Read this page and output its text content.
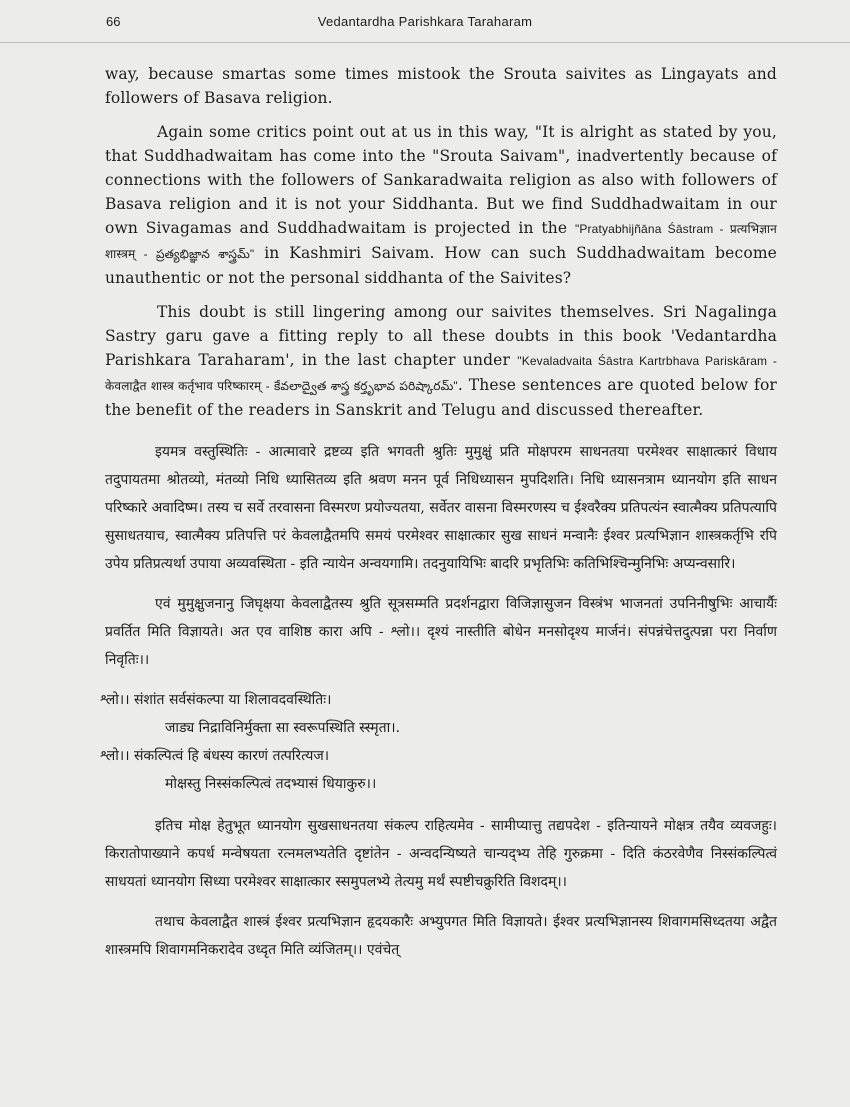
66	Vedantardha Parishkara Taraharam

way, because smartas some times mistook the Srouta saivites as Lingayats and followers of Basava religion.

Again some critics point out at us in this way, "It is alright as stated by you, that Suddhadwaitam has come into the "Srouta Saivam", inadvertently because of connections with the followers of Sankaradwaita religion as also with followers of Basava religion and it is not your Siddhanta. But we find Suddhadwaitam in our own Sivagamas and Suddhadwaitam is projected in the "Pratyabhijñāna Śāstram - प्रत्यभिज्ञान शास्त्रम् - ప్రత్యభిజ్ఞాన శాస్త్రమ్" in Kashmiri Saivam. How can such Suddhadwaitam become unauthentic or not the personal siddhanta of the Saivites?

This doubt is still lingering among our saivites themselves. Sri Nagalinga Sastry garu gave a fitting reply to all these doubts in this book 'Vedantardha Parishkara Taraharam', in the last chapter under "Kevaladvaita Śāstra Kartrbhava Pariskāram - केवलाद्वैत शास्त्र कर्तृभाव परिष्कारम् - కేవలాద్వైత శాస్త్ర కర్తృభావ పరిష్కారమ్". These sentences are quoted below for the benefit of the readers in Sanskrit and Telugu and discussed thereafter.

इयमत्र वस्तुस्थितिः - आत्मावारे द्रष्टव्य इति भगवती श्रुतिः मुमुक्षुं प्रति मोक्षपरम साधनतया परमेश्वर साक्षात्कारं विधाय तदुपायतमा श्रोतव्यो, मंतव्यो निधि ध्यासितव्य इति श्रवण मनन पूर्व निधिध्यासन मुपदिशति। निधि ध्यासनत्राम ध्यानयोग इति साधन परिष्कारे अवादिष्म। तस्य च सर्वे तरवासना विस्मरण प्रयोज्यतया, सर्वेतर वासना विस्मरणस्य च ईश्वरैक्य प्रतिपत्यंन स्वात्मैक्य प्रतिपत्यापि सुसाधतयाच, स्वात्मैक्य प्रतिपत्ति परं केवलाद्वैतमपि समयं परमेश्वर साक्षात्कार सुख साधनं मन्वानैः ईश्वर प्रत्यभिज्ञान शास्त्रकर्तृभि रपि उपेय प्रतिप्रत्यर्था उपाया अव्यवस्थिता - इति न्यायेन अन्वयगामि। तदनुयायिभिः बादरि प्रभृतिभिः कतिभिश्चिन्मुनिभिः अप्यन्वसारि।

एवं मुमुक्षुजनानु जिघृक्षया केवलाद्वैतस्य श्रुति सूत्रसम्मति प्रदर्शनद्वारा विजिज्ञासुजन विस्त्रंभ भाजनतां उपनिनीषुभिः आचार्यैः प्रवर्तित मिति विज्ञायते। अत एव वाशिष्ठ कारा अपि - श्लो।। दृश्यं नास्तीति बोधेन मनसोदृश्य मार्जनं। संपन्नंचेत्तदुत्पन्ना परा निर्वाण निवृतिः।।

श्लो।। संशांत सर्वसंकल्पा या शिलावदवस्थितिः।
जाड्य निद्राविनिर्मुक्ता सा स्वरूपस्थिति स्स्मृता।.
श्लो।। संकल्पित्वं हि बंधस्य कारणं तत्परित्यज।
मोक्षस्तु निस्संकल्पित्वं तदभ्यासं धियाकुरु।।

इतिच मोक्ष हेतुभूत ध्यानयोग सुखसाधनतया संकल्प राहित्यमेव - सामीप्यात्तु तद्यपदेश - इतिन्यायने मोक्षत्र तयैव व्यवजहुः। किरातोपाख्याने कपर्ध मन्वेषयता रत्नमलभ्यतेति दृष्टांतेन - अन्वदन्यिष्यते चान्यद्भ्य तेहि गुरुक्रमा - दिति कंठरवेणैव निस्संकल्पित्वं साधयतां ध्यानयोग सिध्या परमेश्वर साक्षात्कार स्समुपलभ्ये तेत्यमु मर्थं स्पष्टीचक्रुरिति विशदम्।।

तथाच केवलाद्वैत शास्त्रं ईश्वर प्रत्यभिज्ञान हृदयकारैः अभ्युपगत मिति विज्ञायते। ईश्वर प्रत्यभिज्ञानस्य शिवागमसिध्दतया अद्वैत शास्त्रमपि शिवागमनिकरादेव उध्दृत मिति व्यंजितम्।। एवंचेत्
